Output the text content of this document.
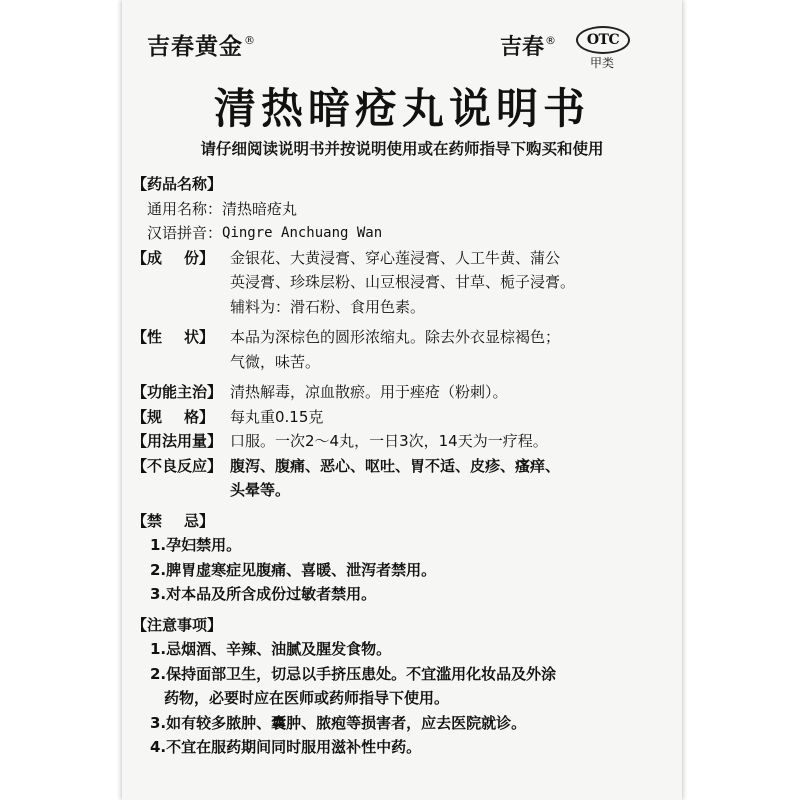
吉春黄金®	吉春®	OTC
甲类
清热暗疮丸说明书
请仔细阅读说明书并按说明使用或在药师指导下购买和使用
【药品名称】
通用名称： 清热暗疮丸
汉语拼音： Qingre Anchuang Wan
【成 份】 金银花、大黄浸膏、穿心莲浸膏、人工牛黄、蒲公
英浸膏、珍珠层粉、山豆根浸膏、甘草、栀子浸膏。
辅料为：滑石粉、食用色素。
【性 状】 本品为深棕色的圆形浓缩丸。除去外衣显棕褐色；
气微，味苦。
【功能主治】 清热解毒，凉血散瘀。用于痤疮（粉刺）。
【规 格】 每丸重0.15克
【用法用量】 口服。一次2～4丸，一日3次，14天为一疗程。
【不良反应】 腹泻、腹痛、恶心、呕吐、胃不适、皮疹、瘙痒、
头晕等。
【禁 忌】
1.孕妇禁用。
2.脾胃虚寒症见腹痛、喜暖、泄泻者禁用。
3.对本品及所含成份过敏者禁用。
【注意事项】
1.忌烟酒、辛辣、油腻及腥发食物。
2.保持面部卫生，切忌以手挤压患处。不宜滥用化妆品及外涂
药物，必要时应在医师或药师指导下使用。
3.如有较多脓肿、囊肿、脓疱等损害者，应去医院就诊。
4.不宜在服药期间同时服用滋补性中药。
